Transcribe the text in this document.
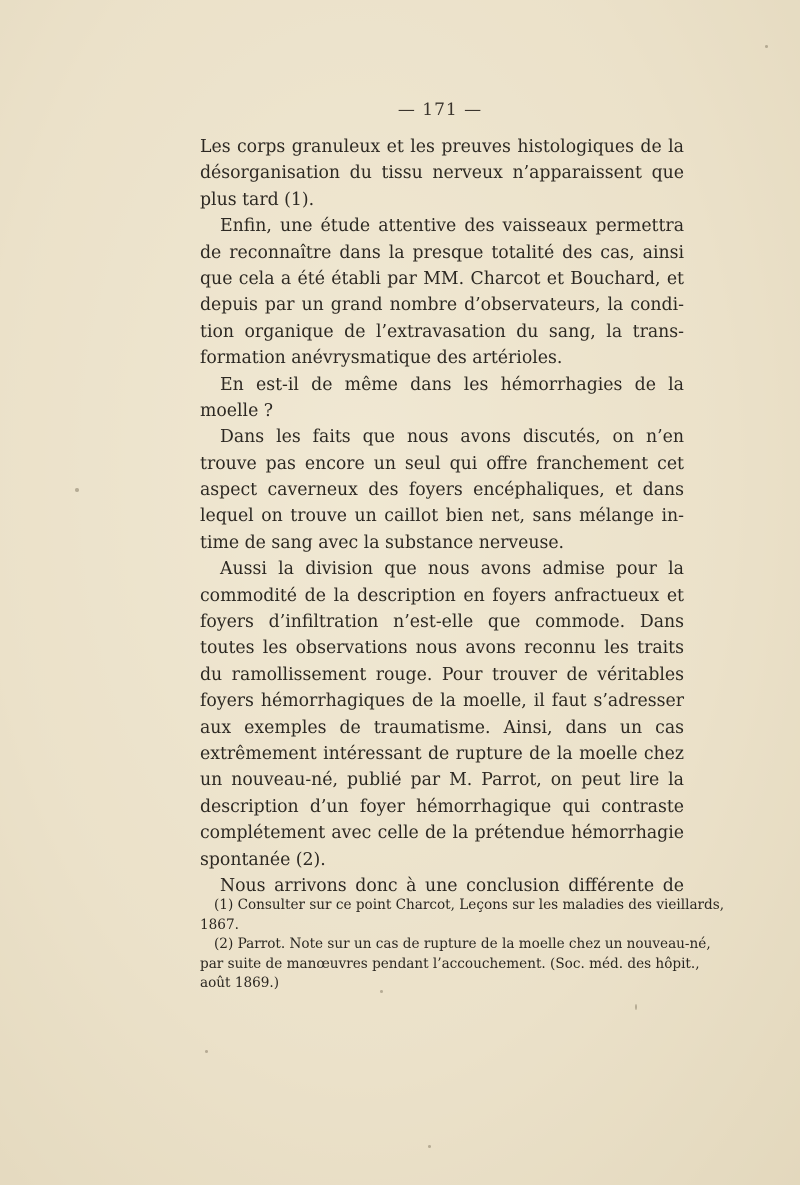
— 171 —
Les corps granuleux et les preuves histologiques de la
désorganisation du tissu nerveux n’apparaissent que
plus tard (1).
Enfin, une étude attentive des vaisseaux permettra
de reconnaître dans la presque totalité des cas, ainsi
que cela a été établi par MM. Charcot et Bouchard, et
depuis par un grand nombre d’observateurs, la condi-
tion organique de l’extravasation du sang, la trans-
formation anévrysmatique des artérioles.
En est-il de même dans les hémorrhagies de la
moelle ?
Dans les faits que nous avons discutés, on n’en
trouve pas encore un seul qui offre franchement cet
aspect caverneux des foyers encéphaliques, et dans
lequel on trouve un caillot bien net, sans mélange in-
time de sang avec la substance nerveuse.
Aussi la division que nous avons admise pour la
commodité de la description en foyers anfractueux et
foyers d’infiltration n’est-elle que commode. Dans
toutes les observations nous avons reconnu les traits
du ramollissement rouge. Pour trouver de véritables
foyers hémorrhagiques de la moelle, il faut s’adresser
aux exemples de traumatisme. Ainsi, dans un cas
extrêmement intéressant de rupture de la moelle chez
un nouveau-né, publié par M. Parrot, on peut lire la
description d’un foyer hémorrhagique qui contraste
complétement avec celle de la prétendue hémorrhagie
spontanée (2).
Nous arrivons donc à une conclusion différente de
(1) Consulter sur ce point Charcot, Leçons sur les maladies des vieillards,
1867.
(2) Parrot. Note sur un cas de rupture de la moelle chez un nouveau-né,
par suite de manœuvres pendant l’accouchement. (Soc. méd. des hôpit.,
août 1869.)
